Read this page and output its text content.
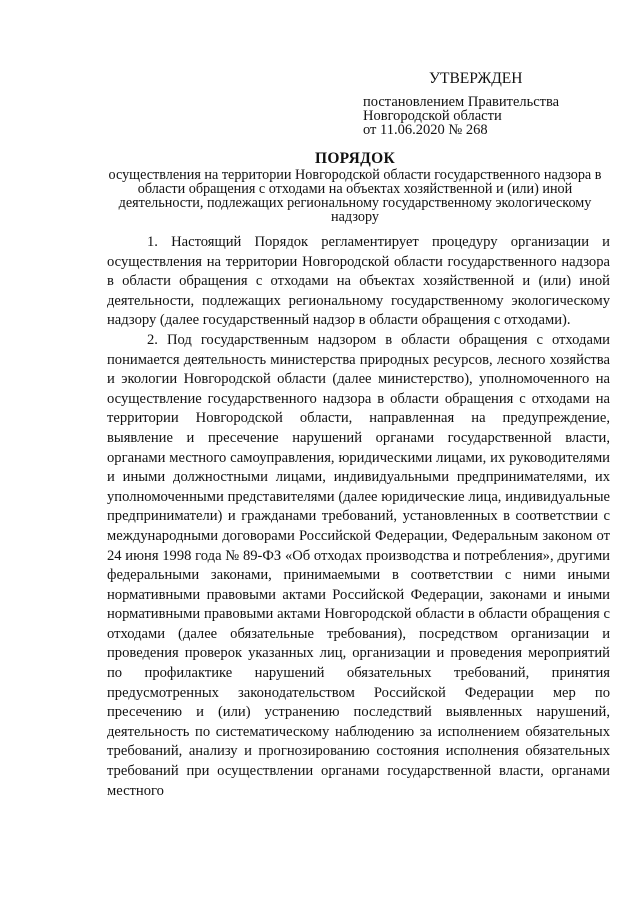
УТВЕРЖДЕН
постановлением Правительства
Новгородской области
от 11.06.2020 № 268
ПОРЯДОК
осуществления на территории Новгородской области государственного надзора в области обращения с отходами на объектах хозяйственной и (или) иной деятельности, подлежащих региональному государственному экологическому надзору

1. Настоящий Порядок регламентирует процедуру организации и осуществления на территории Новгородской области государственного надзора в области обращения с отходами на объектах хозяйственной и (или) иной деятельности, подлежащих региональному государственному экологическому надзору (далее государственный надзор в области обращения с отходами).

2. Под государственным надзором в области обращения с отходами понимается деятельность министерства природных ресурсов, лесного хозяйства и экологии Новгородской области (далее министерство), уполномоченного на осуществление государственного надзора в области обращения с отходами на территории Новгородской области, направленная на предупреждение, выявление и пресечение нарушений органами государственной власти, органами местного самоуправления, юридическими лицами, их руководителями и иными должностными лицами, индивидуальными предпринимателями, их уполномоченными представителями (далее юридические лица, индивидуальные предприниматели) и гражданами требований, установленных в соответствии с международными договорами Российской Федерации, Федеральным законом от 24 июня 1998 года № 89-ФЗ «Об отходах производства и потребления», другими федеральными законами, принимаемыми в соответствии с ними иными нормативными правовыми актами Российской Федерации, законами и иными нормативными правовыми актами Новгородской области в области обращения с отходами (далее обязательные требования), посредством организации и проведения проверок указанных лиц, организации и проведения мероприятий по профилактике нарушений обязательных требований, принятия предусмотренных законодательством Российской Федерации мер по пресечению и (или) устранению последствий выявленных нарушений, деятельность по систематическому наблюдению за исполнением обязательных требований, анализу и прогнозированию состояния исполнения обязательных требований при осуществлении органами государственной власти, органами местного
